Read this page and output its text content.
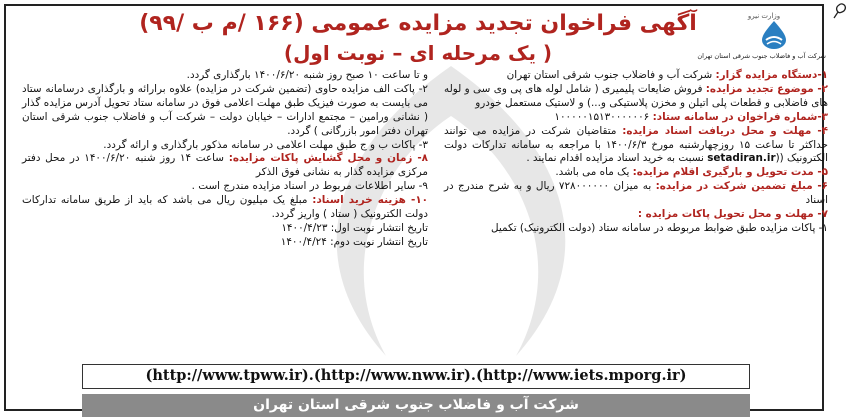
وزارت نیرو
شرکت آب و فاضلاب جنوب شرقی استان تهران
آگهی فراخوان تجدید مزایده عمومی (۱۶۶ /م ب /۹۹)
( یک مرحله ای – نوبت اول)

۱-دستگاه مزایده گزار: شرکت آب و فاضلاب جنوب شرقی استان تهران

۲- موضوع تجدید مزایده: فروش ضایعات پلیمیری ( شامل لوله های پی وی سی و لوله های فاضلابی و قطعات پلی اتیلن و مخزن پلاستیکی و...) و لاستیک مستعمل خودرو

۳-شماره فراخوان در سامانه ستاد: ۱۰۰۰۰۰۱۵۱۳۰۰۰۰۰۰۶

۴- مهلت و محل دریافت اسناد مزایده: متقاضیان شرکت در مزایده می توانند حداکثر تا ساعت ۱۵ روزچهارشنبه مورخ ۱۴۰۰/۶/۳ با مراجعه به سامانه تدارکات دولت الکترونیک ((setadiran.ir نسبت به خرید اسناد مزایده اقدام نمایند .

۵- مدت تحویل و بارگیری اقلام مزایده: یک ماه می باشد.

۶- مبلغ تضمین شرکت در مزایده: به میزان ۷۲۸۰۰۰۰۰۰ ریال و به شرح مندرج در اسناد

۷- مهلت و محل تحویل پاکات مزایده :

۱- پاکات مزایده طبق ضوابط مربوطه در سامانه ستاد (دولت الکترونیک) تکمیل

و تا ساعت ۱۰ صبح روز شنبه ۱۴۰۰/۶/۲۰ بارگذاری گردد.

۲- پاکت الف مزایده حاوی (تضمین شرکت در مزایده) علاوه برارائه و بارگذاری درسامانه ستاد می بایست به صورت فیزیک طبق مهلت اعلامی فوق در سامانه ستاد تحویل آدرس مزایده گذار ( نشانی ورامین – مجتمع ادارات – خیابان دولت – شرکت آب و فاضلاب جنوب شرقی استان تهران دفتر امور بازرگانی ) گردد.

۳- پاکات ب و ج طبق مهلت اعلامی در سامانه مذکور بارگذاری و ارائه گردد.

۸- زمان و محل گشایش پاکات مزایده: ساعت ۱۴ روز شنبه ۱۴۰۰/۶/۲۰ در محل دفتر مرکزی مزایده گذار به نشانی فوق الذکر

۹- سایر اطلاعات مربوط در اسناد مزایده مندرج است .

۱۰- هزینه خرید اسناد: مبلغ یک میلیون ریال می باشد که باید از طریق سامانه تدارکات دولت الکترونیک ( ستاد ) واریز گردد.

تاریخ انتشار نوبت اول: ۱۴۰۰/۴/۲۳

تاریخ انتشار نوبت دوم: ۱۴۰۰/۴/۲۴

(http://www.tpww.ir).(http://www.nww.ir).(http://www.iets.mporg.ir)
شرکت آب و فاضلاب جنوب شرقی استان تهران
